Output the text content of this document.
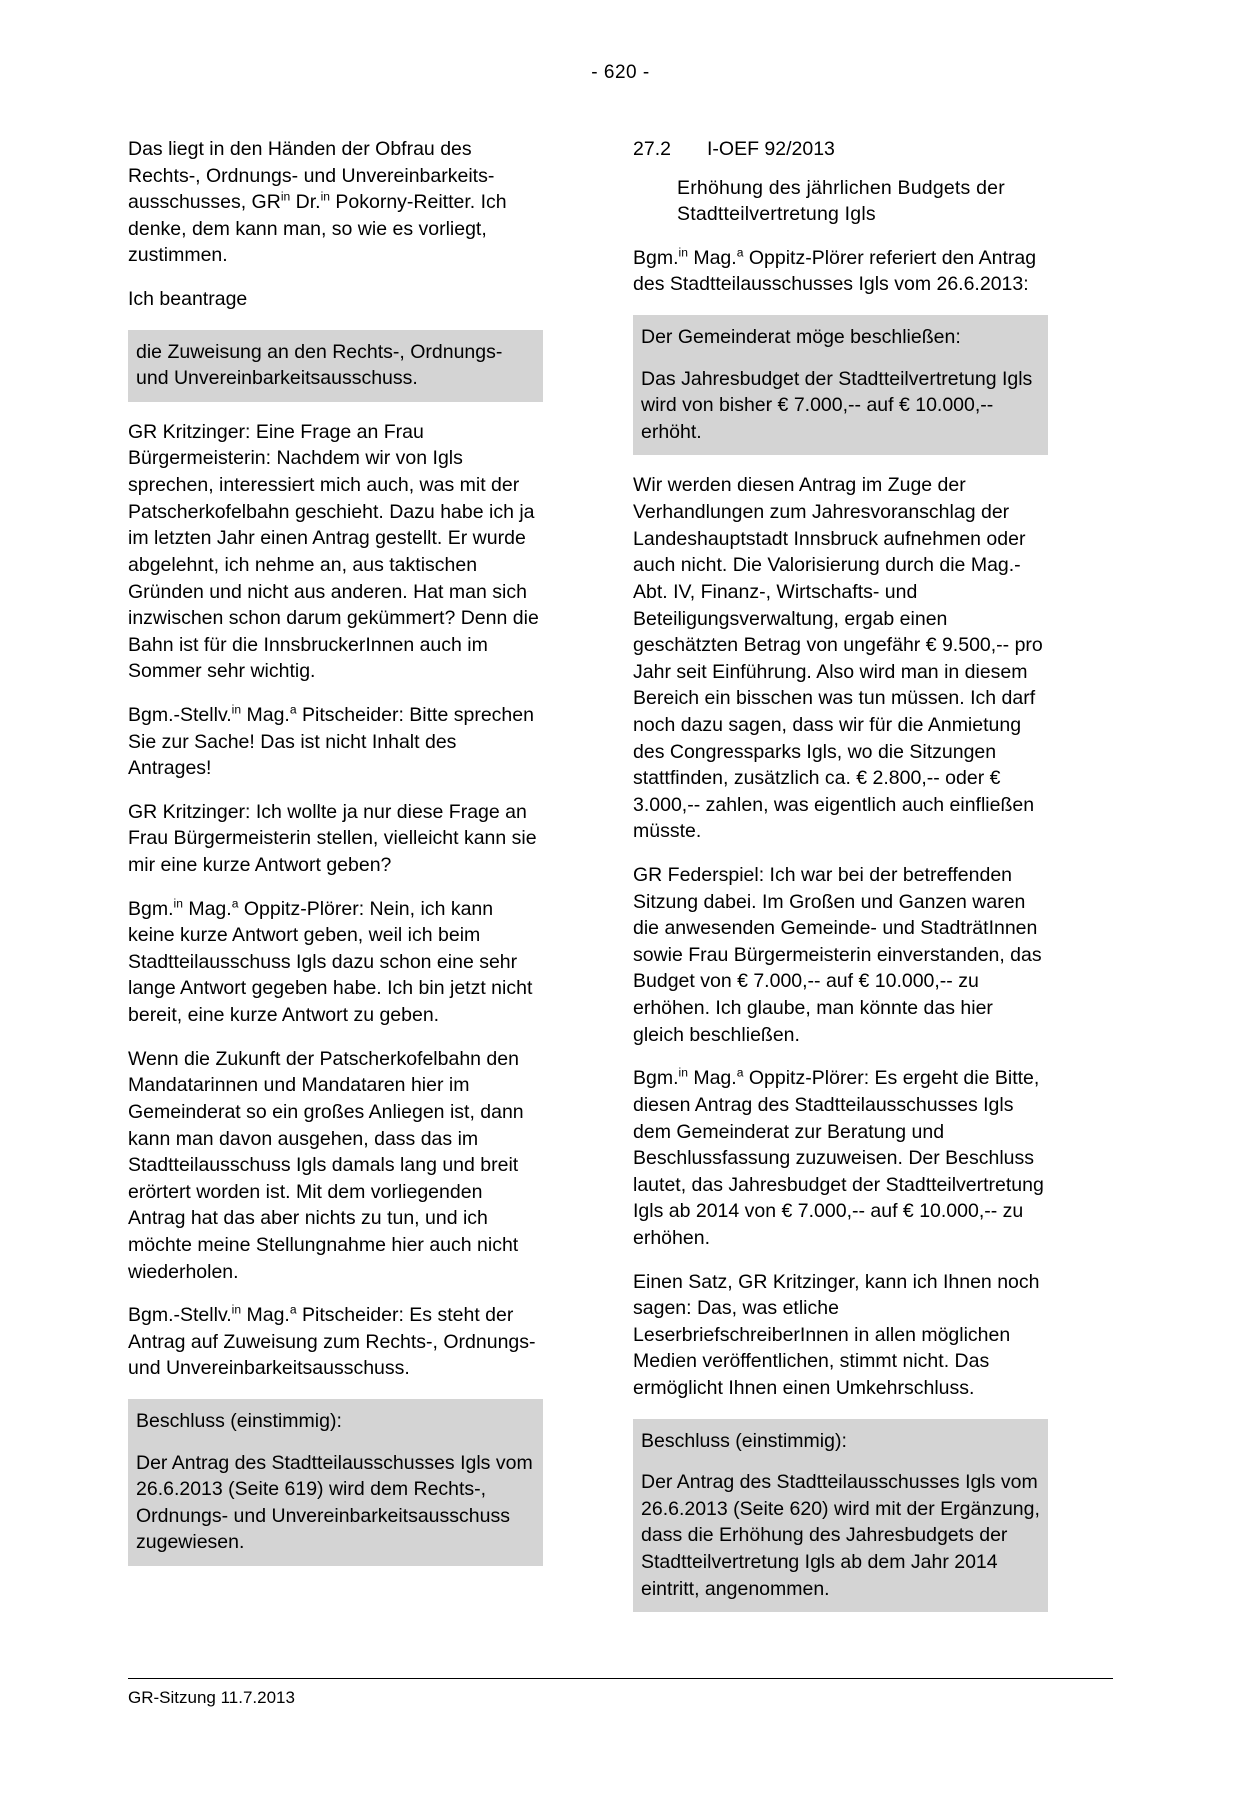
- 620 -

Das liegt in den Händen der Obfrau des Rechts-, Ordnungs- und Unvereinbarkeits-ausschusses, $GR^{in}$ Dr.$^{in}$ Pokorny-Reitter. Ich denke, dem kann man, so wie es vorliegt, zustimmen.

Ich beantrage

die Zuweisung an den Rechts-, Ordnungs- und Unvereinbarkeitsausschuss.

GR Kritzinger: Eine Frage an Frau Bürgermeisterin: Nachdem wir von Igls sprechen, interessiert mich auch, was mit der Patscherkofelbahn geschieht. Dazu habe ich ja im letzten Jahr einen Antrag gestellt. Er wurde abgelehnt, ich nehme an, aus taktischen Gründen und nicht aus anderen. Hat man sich inzwischen schon darum gekümmert? Denn die Bahn ist für die InnsbruckerInnen auch im Sommer sehr wichtig.

Bgm.-Stellv.$^{in}$ Mag.$^a$ Pitscheider: Bitte sprechen Sie zur Sache! Das ist nicht Inhalt des Antrages!

GR Kritzinger: Ich wollte ja nur diese Frage an Frau Bürgermeisterin stellen, vielleicht kann sie mir eine kurze Antwort geben?

Bgm.$^{in}$ Mag.$^a$ Oppitz-Plörer: Nein, ich kann keine kurze Antwort geben, weil ich beim Stadtteilausschuss Igls dazu schon eine sehr lange Antwort gegeben habe. Ich bin jetzt nicht bereit, eine kurze Antwort zu geben.

Wenn die Zukunft der Patscherkofelbahn den Mandatarinnen und Mandataren hier im Gemeinderat so ein großes Anliegen ist, dann kann man davon ausgehen, dass das im Stadtteilausschuss Igls damals lang und breit erörtert worden ist. Mit dem vorliegenden Antrag hat das aber nichts zu tun, und ich möchte meine Stellungnahme hier auch nicht wiederholen.

Bgm.-Stellv.$^{in}$ Mag.$^a$ Pitscheider: Es steht der Antrag auf Zuweisung zum Rechts-, Ordnungs- und Unvereinbarkeitsausschuss.

Beschluss (einstimmig):

Der Antrag des Stadtteilausschusses Igls vom 26.6.2013 (Seite 619) wird dem Rechts-, Ordnungs- und Unvereinbarkeitsausschuss zugewiesen.

27.2	I-OEF 92/2013

Erhöhung des jährlichen Budgets der Stadtteilvertretung Igls

Bgm.$^{in}$ Mag.$^a$ Oppitz-Plörer referiert den Antrag des Stadtteilausschusses Igls vom 26.6.2013:

Der Gemeinderat möge beschließen:

Das Jahresbudget der Stadtteilvertretung Igls wird von bisher € 7.000,-- auf € 10.000,-- erhöht.

Wir werden diesen Antrag im Zuge der Verhandlungen zum Jahresvoranschlag der Landeshauptstadt Innsbruck aufnehmen oder auch nicht. Die Valorisierung durch die Mag.-Abt. IV, Finanz-, Wirtschafts- und Beteiligungsverwaltung, ergab einen geschätzten Betrag von ungefähr € 9.500,-- pro Jahr seit Einführung. Also wird man in diesem Bereich ein bisschen was tun müssen. Ich darf noch dazu sagen, dass wir für die Anmietung des Congressparks Igls, wo die Sitzungen stattfinden, zusätzlich ca. € 2.800,-- oder € 3.000,-- zahlen, was eigentlich auch einfließen müsste.

GR Federspiel: Ich war bei der betreffenden Sitzung dabei. Im Großen und Ganzen waren die anwesenden Gemeinde- und StadträtInnen sowie Frau Bürgermeisterin einverstanden, das Budget von € 7.000,-- auf € 10.000,-- zu erhöhen. Ich glaube, man könnte das hier gleich beschließen.

Bgm.$^{in}$ Mag.$^a$ Oppitz-Plörer: Es ergeht die Bitte, diesen Antrag des Stadtteilausschusses Igls dem Gemeinderat zur Beratung und Beschlussfassung zuzuweisen. Der Beschluss lautet, das Jahresbudget der Stadtteilvertretung Igls ab 2014 von € 7.000,-- auf € 10.000,-- zu erhöhen.

Einen Satz, GR Kritzinger, kann ich Ihnen noch sagen: Das, was etliche LeserbriefschreiberInnen in allen möglichen Medien veröffentlichen, stimmt nicht. Das ermöglicht Ihnen einen Umkehrschluss.

Beschluss (einstimmig):

Der Antrag des Stadtteilausschusses Igls vom 26.6.2013 (Seite 620) wird mit der Ergänzung, dass die Erhöhung des Jahresbudgets der Stadtteilvertretung Igls ab dem Jahr 2014 eintritt, angenommen.

GR-Sitzung 11.7.2013
